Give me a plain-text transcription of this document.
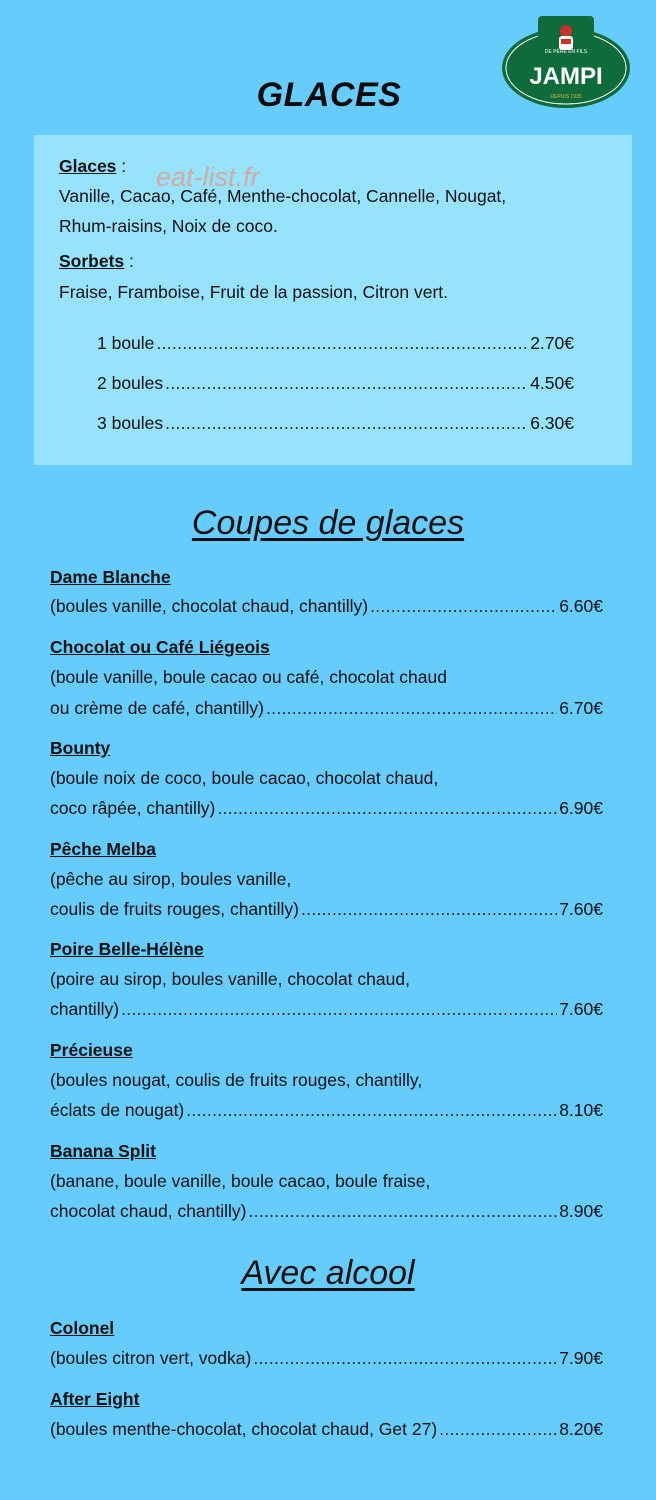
JAMPI
DE PÈRE EN FILS
DEPUIS 1935
GLACES
Glaces : eat-list.fr
Vanille, Cacao, Café, Menthe-chocolat, Cannelle, Nougat,
Rhum-raisins, Noix de coco.
Sorbets :
Fraise, Framboise, Fruit de la passion, Citron vert.
1 boule .....	2.70€
2 boules .....	4.50€
3 boules .....	6.30€
Coupes de glaces
Dame Blanche
(boules vanille, chocolat chaud, chantilly) .....	6.60€
Chocolat ou Café Liégeois
(boule vanille, boule cacao ou café, chocolat chaud
ou crème de café, chantilly) .....	6.70€
Bounty
(boule noix de coco, boule cacao, chocolat chaud,
coco râpée, chantilly) .....	6.90€
Pêche Melba
(pêche au sirop, boules vanille,
coulis de fruits rouges, chantilly) .....	7.60€
Poire Belle-Hélène
(poire au sirop, boules vanille, chocolat chaud,
chantilly) .....	7.60€
Précieuse
(boules nougat, coulis de fruits rouges, chantilly,
éclats de nougat) .....	8.10€
Banana Split
(banane, boule vanille, boule cacao, boule fraise,
chocolat chaud, chantilly) .....	8.90€
Avec alcool
Colonel
(boules citron vert, vodka) .....	7.90€
After Eight
(boules menthe-chocolat, chocolat chaud, Get 27) .....	8.20€
